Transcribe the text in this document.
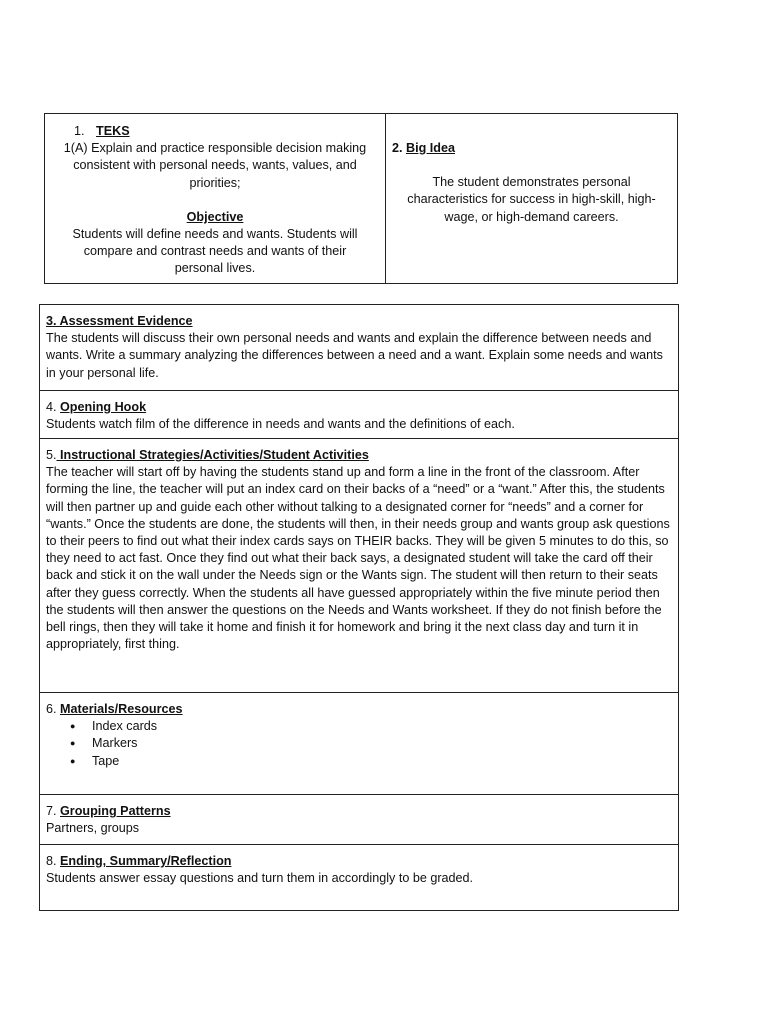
1. TEKS
1(A) Explain and practice responsible decision making consistent with personal needs, wants, values, and priorities;
Objective
Students will define needs and wants. Students will compare and contrast needs and wants of their personal lives.
2. Big Idea
The student demonstrates personal characteristics for success in high-skill, high-wage, or high-demand careers.
3. Assessment Evidence
The students will discuss their own personal needs and wants and explain the difference between needs and wants. Write a summary analyzing the differences between a need and a want. Explain some needs and wants in your personal life.
4. Opening Hook
Students watch film of the difference in needs and wants and the definitions of each.
5. Instructional Strategies/Activities/Student Activities
The teacher will start off by having the students stand up and form a line in the front of the classroom. After forming the line, the teacher will put an index card on their backs of a “need” or a “want.” After this, the students will then partner up and guide each other without talking to a designated corner for “needs” and a corner for “wants.” Once the students are done, the students will then, in their needs group and wants group ask questions to their peers to find out what their index cards says on THEIR backs. They will be given 5 minutes to do this, so they need to act fast. Once they find out what their back says, a designated student will take the card off their back and stick it on the wall under the Needs sign or the Wants sign. The student will then return to their seats after they guess correctly. When the students all have guessed appropriately within the five minute period then the students will then answer the questions on the Needs and Wants worksheet. If they do not finish before the bell rings, then they will take it home and finish it for homework and bring it the next class day and turn it in appropriately, first thing.
6. Materials/Resources
●	Index cards
●	Markers
●	Tape
7. Grouping Patterns
Partners, groups
8. Ending, Summary/Reflection
Students answer essay questions and turn them in accordingly to be graded.
